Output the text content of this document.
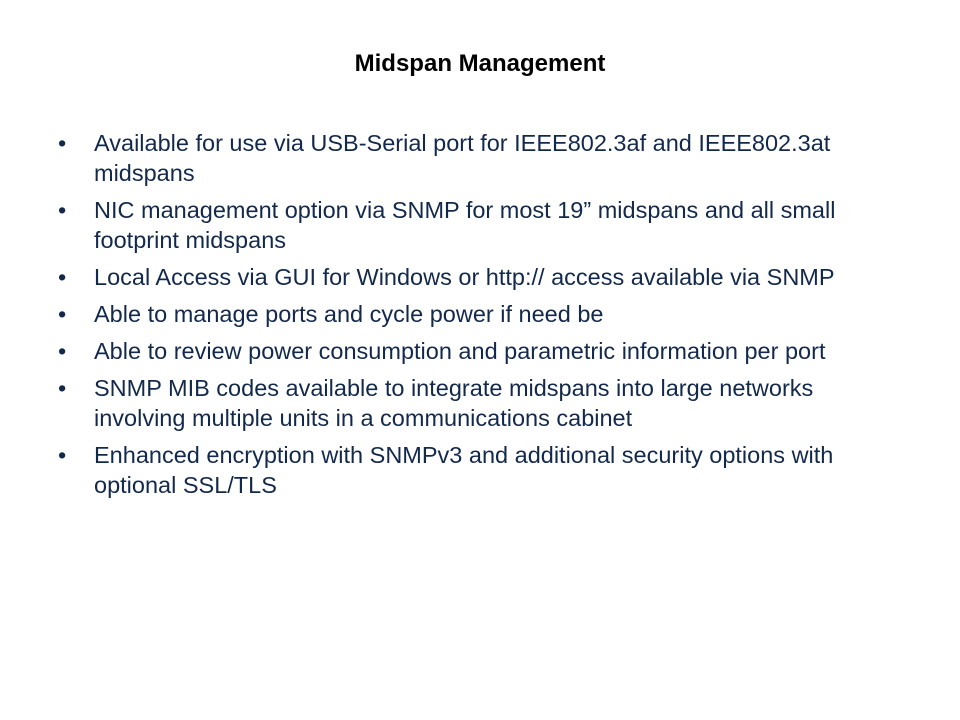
Midspan Management
• Available for use via USB-Serial port for IEEE802.3af and IEEE802.3at midspans
• NIC management option via SNMP for most 19” midspans and all small footprint midspans
• Local Access via GUI for Windows or http:// access available via SNMP
• Able to manage ports and cycle power if need be
• Able to review power consumption and parametric information per port
• SNMP MIB codes available to integrate midspans into large networks involving multiple units in a communications cabinet
• Enhanced encryption with SNMPv3 and additional security options with optional SSL/TLS
